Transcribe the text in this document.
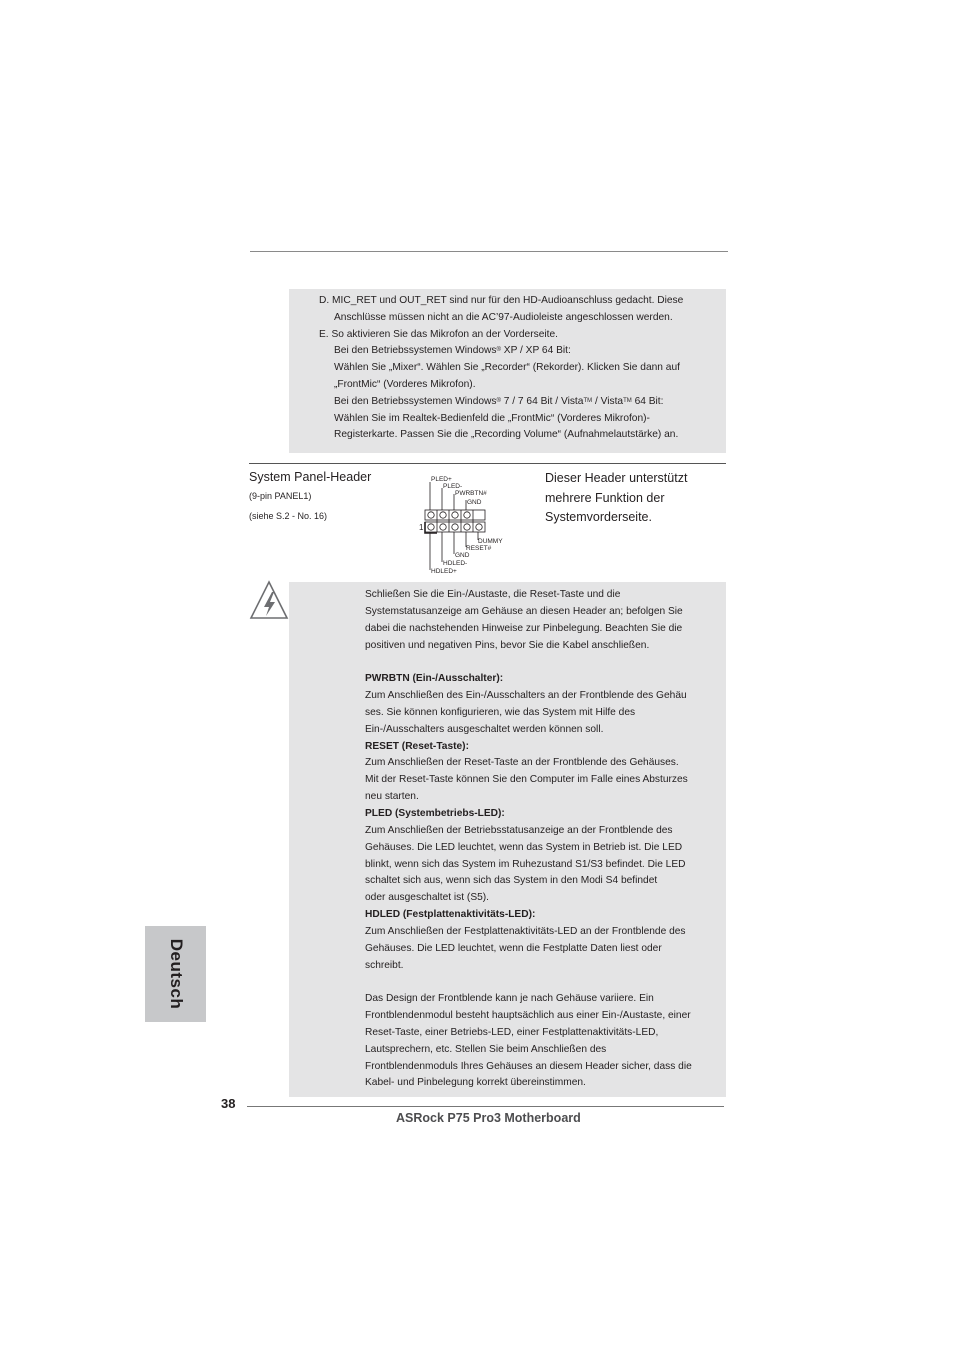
D. MIC_RET und OUT_RET sind nur für den HD-Audioanschluss gedacht. Diese
Anschlüsse müssen nicht an die AC’97-Audioleiste angeschlossen werden.
E. So aktivieren Sie das Mikrofon an der Vorderseite.
Bei den Betriebssystemen Windows® XP / XP 64 Bit:
Wählen Sie „Mixer“. Wählen Sie „Recorder“ (Rekorder). Klicken Sie dann auf
„FrontMic“ (Vorderes Mikrofon).
Bei den Betriebssystemen Windows® 7 / 7 64 Bit / Vista™ / Vista™ 64 Bit:
Wählen Sie im Realtek-Bedienfeld die „FrontMic“ (Vorderes Mikrofon)-
Registerkarte. Passen Sie die „Recording Volume“ (Aufnahmelautstärke) an.
System Panel-Header
(9-pin PANEL1)
(siehe S.2 - No. 16)
Dieser Header unterstützt
mehrere Funktion der
Systemvorderseite.
PLED+
PLED-
PWRBTN#
GND
1
DUMMY
RESET#
GND
HDLED-
HDLED+

Schließen Sie die Ein-/Austaste, die Reset-Taste und die

Systemstatusanzeige am Gehäuse an diesen Header an; befolgen Sie

dabei die nachstehenden Hinweise zur Pinbelegung. Beachten Sie die

positiven und negativen Pins, bevor Sie die Kabel anschließen.

PWRBTN (Ein-/Ausschalter):

Zum Anschließen des Ein-/Ausschalters an der Frontblende des Gehäu

ses. Sie können konfigurieren, wie das System mit Hilfe des

Ein-/Ausschalters ausgeschaltet werden können soll.

RESET (Reset-Taste):

Zum Anschließen der Reset-Taste an der Frontblende des Gehäuses.

Mit der Reset-Taste können Sie den Computer im Falle eines Absturzes

neu starten.

PLED (Systembetriebs-LED):

Zum Anschließen der Betriebsstatusanzeige an der Frontblende des

Gehäuses. Die LED leuchtet, wenn das System in Betrieb ist. Die LED

blinkt, wenn sich das System im Ruhezustand S1/S3 befindet. Die LED

schaltet sich aus, wenn sich das System in den Modi S4 befindet

oder ausgeschaltet ist (S5).

HDLED (Festplattenaktivitäts-LED):

Zum Anschließen der Festplattenaktivitäts-LED an der Frontblende des

Gehäuses. Die LED leuchtet, wenn die Festplatte Daten liest oder

schreibt.

Das Design der Frontblende kann je nach Gehäuse variiere. Ein

Frontblendenmodul besteht hauptsächlich aus einer Ein-/Austaste, einer

Reset-Taste, einer Betriebs-LED, einer Festplattenaktivitäts-LED,

Lautsprechern, etc. Stellen Sie beim Anschließen des

Frontblendenmoduls Ihres Gehäuses an diesem Header sicher, dass die

Kabel- und Pinbelegung korrekt übereinstimmen.

Deutsch
38
ASRock P75 Pro3 Motherboard
